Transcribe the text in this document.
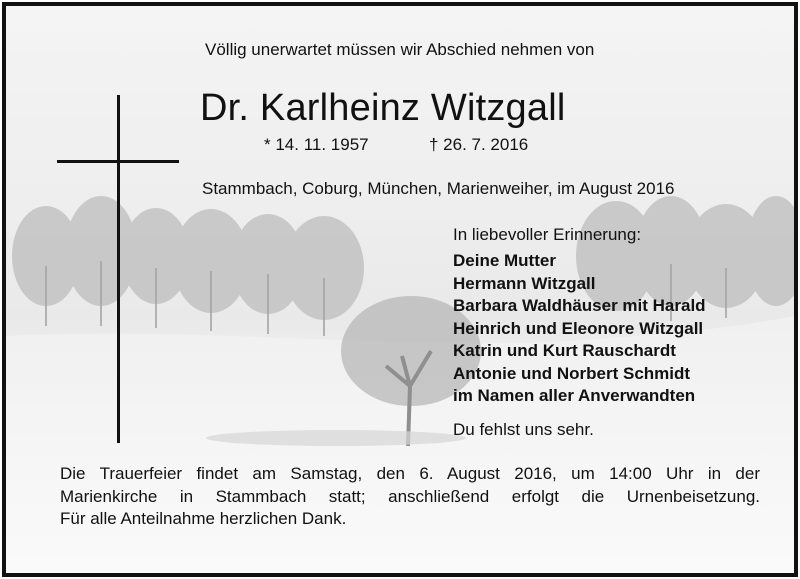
Völlig unerwartet müssen wir Abschied nehmen von
Dr. Karlheinz Witzgall
* 14. 11. 1957	† 26. 7. 2016
Stammbach, Coburg, München, Marienweiher, im August 2016
In liebevoller Erinnerung:
Deine Mutter
Hermann Witzgall
Barbara Waldhäuser mit Harald
Heinrich und Eleonore Witzgall
Katrin und Kurt Rauschardt
Antonie und Norbert Schmidt
im Namen aller Anverwandten
Du fehlst uns sehr.

Die Trauerfeier findet am Samstag, den 6. August 2016, um 14:00 Uhr in der
Marienkirche in Stammbach statt; anschließend erfolgt die Urnenbeisetzung.
Für alle Anteilnahme herzlichen Dank.
